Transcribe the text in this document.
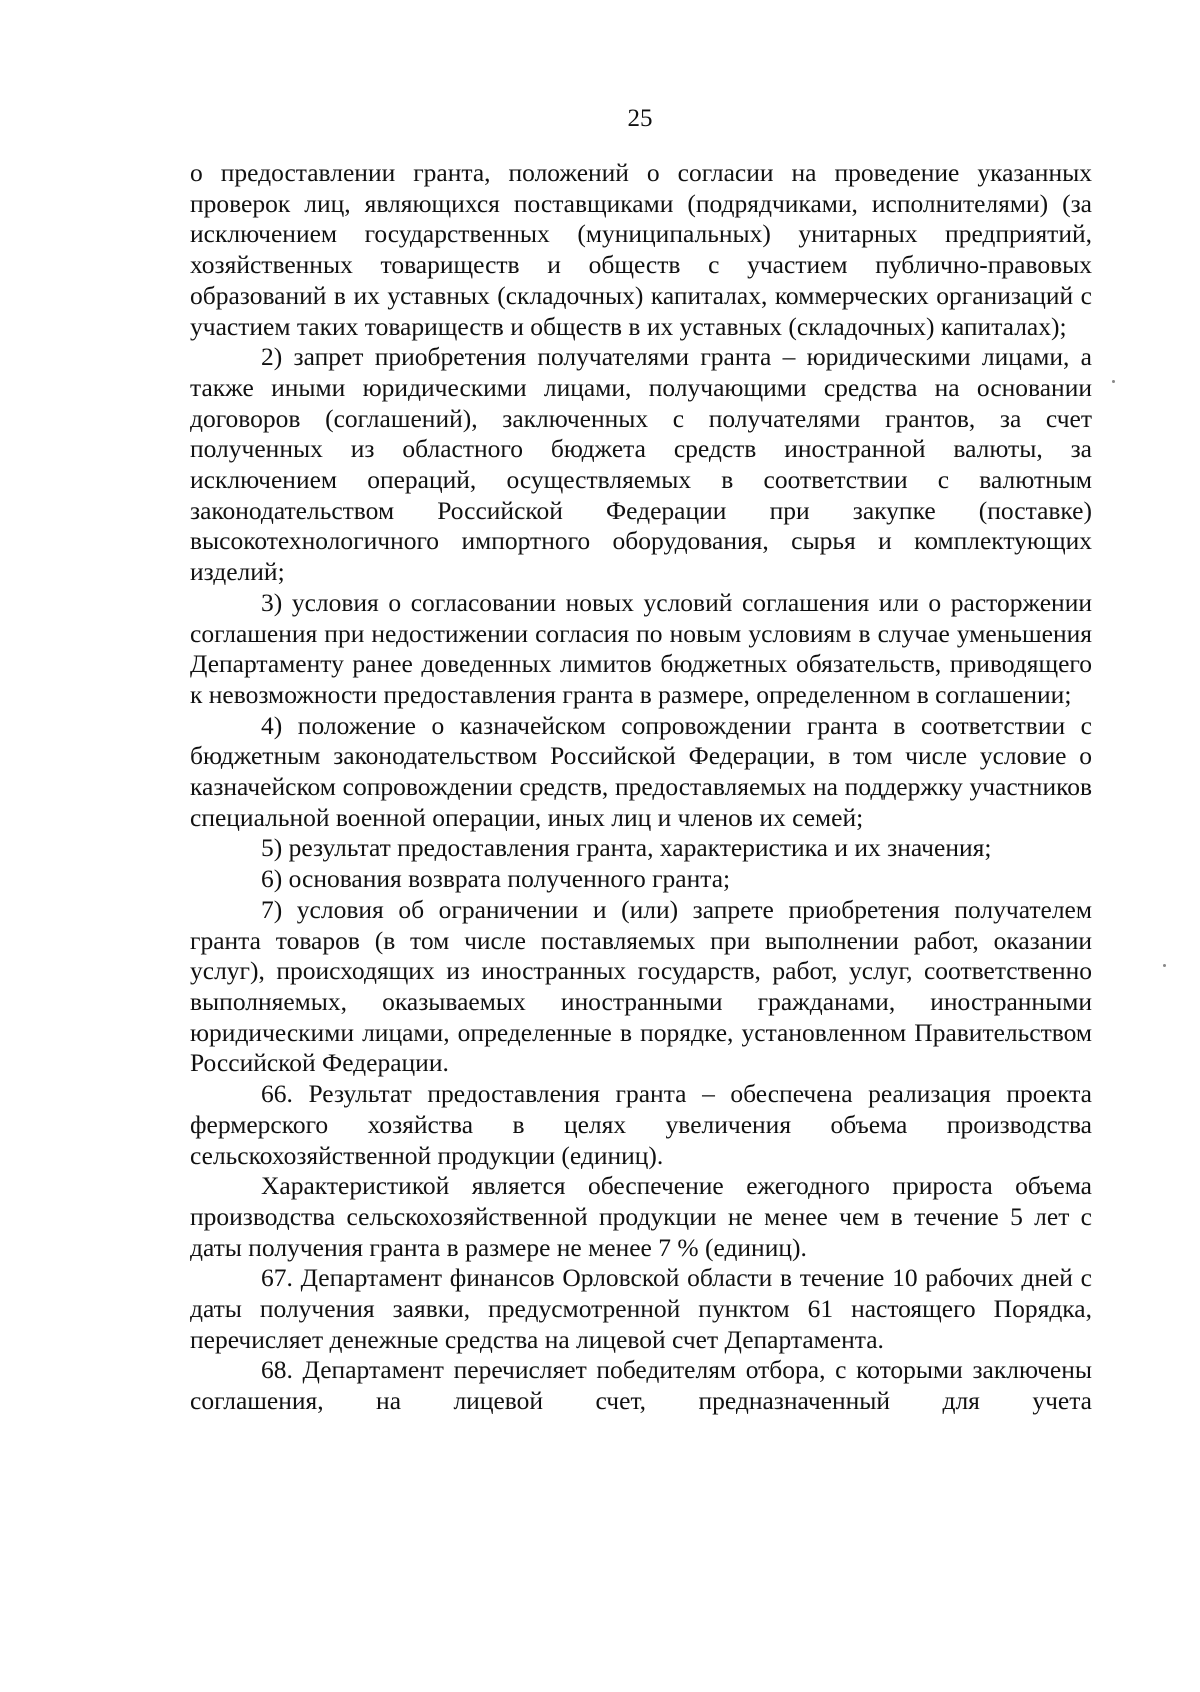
25

о предоставлении гранта, положений о согласии на проведение указанных проверок лиц, являющихся поставщиками (подрядчиками, исполнителями) (за исключением государственных (муниципальных) унитарных предприятий, хозяйственных товариществ и обществ с участием публично-правовых образований в их уставных (складочных) капиталах, коммерческих организаций с участием таких товариществ и обществ в их уставных (складочных) капиталах);

2) запрет приобретения получателями гранта – юридическими лицами, а также иными юридическими лицами, получающими средства на основании договоров (соглашений), заключенных с получателями грантов, за счет полученных из областного бюджета средств иностранной валюты, за исключением операций, осуществляемых в соответствии с валютным законодательством Российской Федерации при закупке (поставке) высокотехнологичного импортного оборудования, сырья и комплектующих изделий;

3) условия о согласовании новых условий соглашения или о расторжении соглашения при недостижении согласия по новым условиям в случае уменьшения Департаменту ранее доведенных лимитов бюджетных обязательств, приводящего к невозможности предоставления гранта в размере, определенном в соглашении;

4) положение о казначейском сопровождении гранта в соответствии с бюджетным законодательством Российской Федерации, в том числе условие о казначейском сопровождении средств, предоставляемых на поддержку участников специальной военной операции, иных лиц и членов их семей;

5) результат предоставления гранта, характеристика и их значения;

6) основания возврата полученного гранта;

7) условия об ограничении и (или) запрете приобретения получателем гранта товаров (в том числе поставляемых при выполнении работ, оказании услуг), происходящих из иностранных государств, работ, услуг, соответственно выполняемых, оказываемых иностранными гражданами, иностранными юридическими лицами, определенные в порядке, установленном Правительством Российской Федерации.

66. Результат предоставления гранта – обеспечена реализация проекта фермерского хозяйства в целях увеличения объема производства сельскохозяйственной продукции (единиц).

Характеристикой является обеспечение ежегодного прироста объема производства сельскохозяйственной продукции не менее чем в течение 5 лет с даты получения гранта в размере не менее 7 % (единиц).

67. Департамент финансов Орловской области в течение 10 рабочих дней с даты получения заявки, предусмотренной пунктом 61 настоящего Порядка, перечисляет денежные средства на лицевой счет Департамента.

68. Департамент перечисляет победителям отбора, с которыми заключены соглашения, на лицевой счет, предназначенный для учета
